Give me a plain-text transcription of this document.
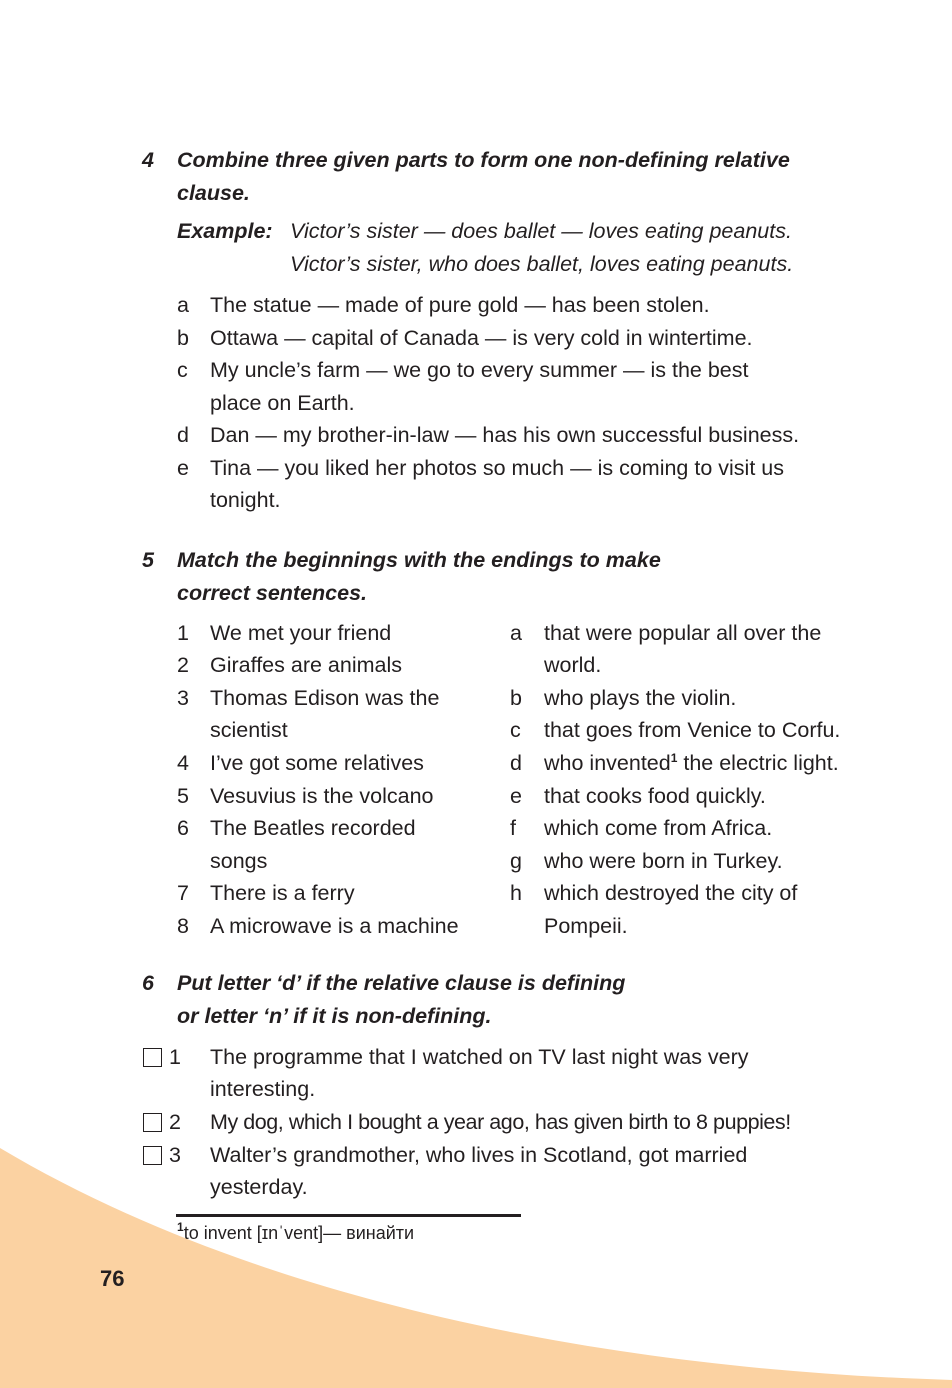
4 Combine three given parts to form one non-defining relative
clause.
Example: Victor’s sister — does ballet — loves eating peanuts.
Victor’s sister, who does ballet, loves eating peanuts.
a The statue — made of pure gold — has been stolen.
b Ottawa — capital of Canada — is very cold in wintertime.
c My uncle’s farm — we go to every summer — is the best
place on Earth.
d Dan — my brother-in-law — has his own successful business.
e Tina — you liked her photos so much — is coming to visit us
tonight.
5 Match the beginnings with the endings to make
correct sentences.
1 We met your friend
2 Giraffes are animals
3 Thomas Edison was the
scientist
4 I’ve got some relatives
5 Vesuvius is the volcano
6 The Beatles recorded
songs
7 There is a ferry
8 A microwave is a machine
a that were popular all over the
world.
b who plays the violin.
c that goes from Venice to Corfu.
d who invented$^1$ the electric light.
e that cooks food quickly.
f which come from Africa.
g who were born in Turkey.
h which destroyed the city of
Pompeii.
6 Put letter ‘d’ if the relative clause is defining
or letter ‘n’ if it is non-defining.
1 The programme that I watched on TV last night was very
interesting.
2 My dog, which I bought a year ago, has given birth to 8 puppies!
3 Walter’s grandmother, who lives in Scotland, got married
yesterday.
$^1$to invent [ɪnˈvent]— винайти
76
